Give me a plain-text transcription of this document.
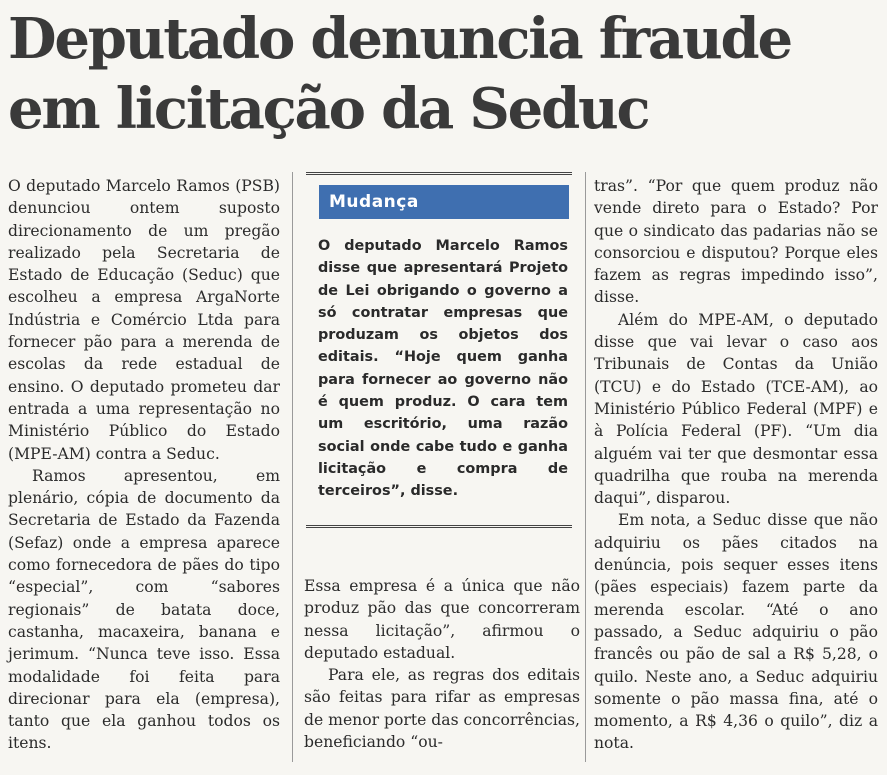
Deputado denuncia fraude
em licitação da Seduc

O deputado Marcelo Ramos (PSB) denunciou ontem suposto direcionamento de um pregão realizado pela Secretaria de Estado de Educação (Seduc) que escolheu a empresa ArgaNorte Indústria e Comércio Ltda para fornecer pão para a merenda de escolas da rede estadual de ensino. O deputado prometeu dar entrada a uma representação no Ministério Público do Estado (MPE-AM) contra a Seduc.

Ramos apresentou, em plenário, cópia de documento da Secretaria de Estado da Fazenda (Sefaz) onde a empresa aparece como fornecedora de pães do tipo “especial”, com “sabores regionais” de batata doce, castanha, macaxeira, banana e jerimum. “Nunca teve isso. Essa modalidade foi feita para direcionar para ela (empresa), tanto que ela ganhou todos os itens.

Mudança
O deputado Marcelo Ramos disse que apresentará Projeto de Lei obrigando o governo a só contratar empresas que produzam os objetos dos editais. “Hoje quem ganha para fornecer ao governo não é quem produz. O cara tem um escritório, uma razão social onde cabe tudo e ganha licitação e compra de terceiros”, disse.

Essa empresa é a única que não produz pão das que concorreram nessa licitação”, afirmou o deputado estadual.

Para ele, as regras dos editais são feitas para rifar as empresas de menor porte das concorrências, beneficiando “ou-

tras”. “Por que quem produz não vende direto para o Estado? Por que o sindicato das padarias não se consorciou e disputou? Porque eles fazem as regras impedindo isso”, disse.

Além do MPE-AM, o deputado disse que vai levar o caso aos Tribunais de Contas da União (TCU) e do Estado (TCE-AM), ao Ministério Público Federal (MPF) e à Polícia Federal (PF). “Um dia alguém vai ter que desmontar essa quadrilha que rouba na merenda daqui”, disparou.

Em nota, a Seduc disse que não adquiriu os pães citados na denúncia, pois sequer esses itens (pães especiais) fazem parte da merenda escolar. “Até o ano passado, a Seduc adquiriu o pão francês ou pão de sal a R$ 5,28, o quilo. Neste ano, a Seduc adquiriu somente o pão massa fina, até o momento, a R$ 4,36 o quilo”, diz a nota.
